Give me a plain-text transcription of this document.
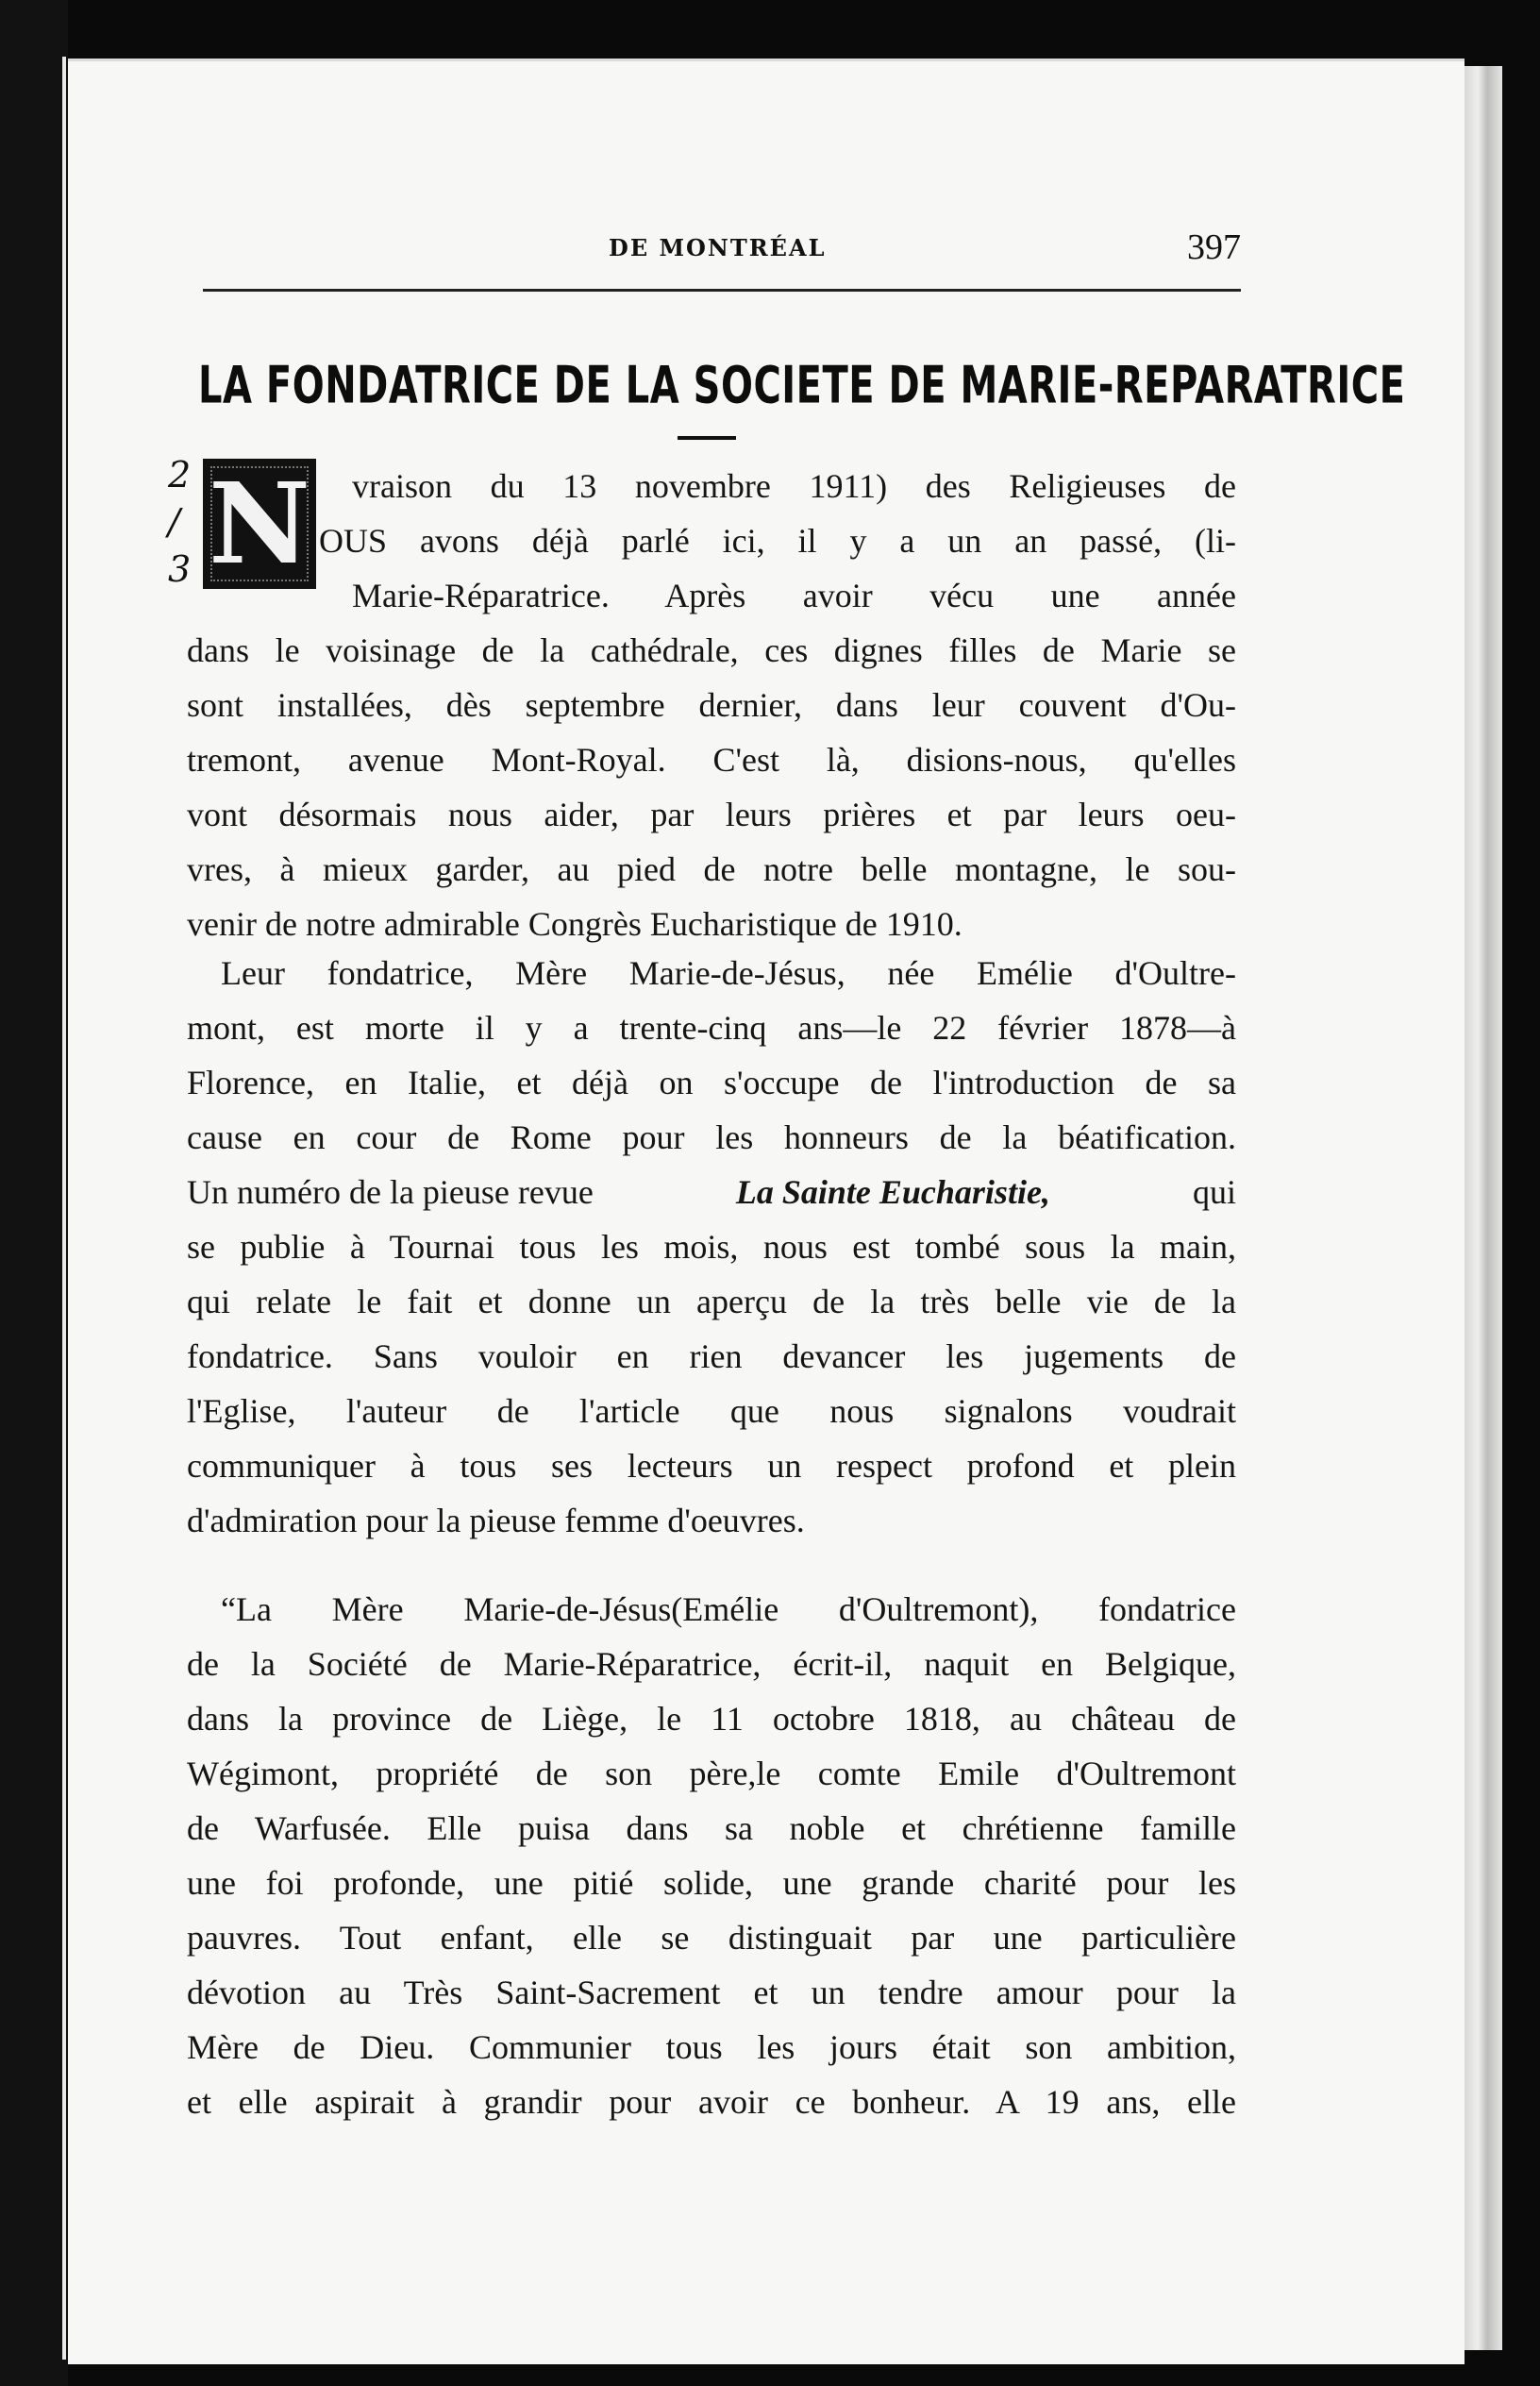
DE MONTRÉAL	397
LA FONDATRICE DE LA SOCIETE DE MARIE-REPARATRICE
2
/
3 N vraison du 13 novembre 1911) des Religieuses de
OUS avons déjà parlé ici, il y a un an passé, (li-
Marie-Réparatrice. Après avoir vécu une année
dans le voisinage de la cathédrale, ces dignes filles de Marie se
sont installées, dès septembre dernier, dans leur couvent d'Ou-
tremont, avenue Mont-Royal. C'est là, disions-nous, qu'elles
vont désormais nous aider, par leurs prières et par leurs oeu-
vres, à mieux garder, au pied de notre belle montagne, le sou-
venir de notre admirable Congrès Eucharistique de 1910.
Leur fondatrice, Mère Marie-de-Jésus, née Emélie d'Oultre-
mont, est morte il y a trente-cinq ans—le 22 février 1878—à
Florence, en Italie, et déjà on s'occupe de l'introduction de sa
cause en cour de Rome pour les honneurs de la béatification.
Un numéro de la pieuse revue	La Sainte Eucharistie,	qui
se publie à Tournai tous les mois, nous est tombé sous la main,
qui relate le fait et donne un aperçu de la très belle vie de la
fondatrice. Sans vouloir en rien devancer les jugements de
l'Eglise, l'auteur de l'article que nous signalons voudrait
communiquer à tous ses lecteurs un respect profond et plein
d'admiration pour la pieuse femme d'oeuvres.
“La Mère Marie-de-Jésus(Emélie d'Oultremont), fondatrice
de la Société de Marie-Réparatrice, écrit-il, naquit en Belgique,
dans la province de Liège, le 11 octobre 1818, au château de
Wégimont, propriété de son père,le comte Emile d'Oultremont
de Warfusée. Elle puisa dans sa noble et chrétienne famille
une foi profonde, une pitié solide, une grande charité pour les
pauvres. Tout enfant, elle se distinguait par une particulière
dévotion au Très Saint-Sacrement et un tendre amour pour la
Mère de Dieu. Communier tous les jours était son ambition,
et elle aspirait à grandir pour avoir ce bonheur. A 19 ans, elle
